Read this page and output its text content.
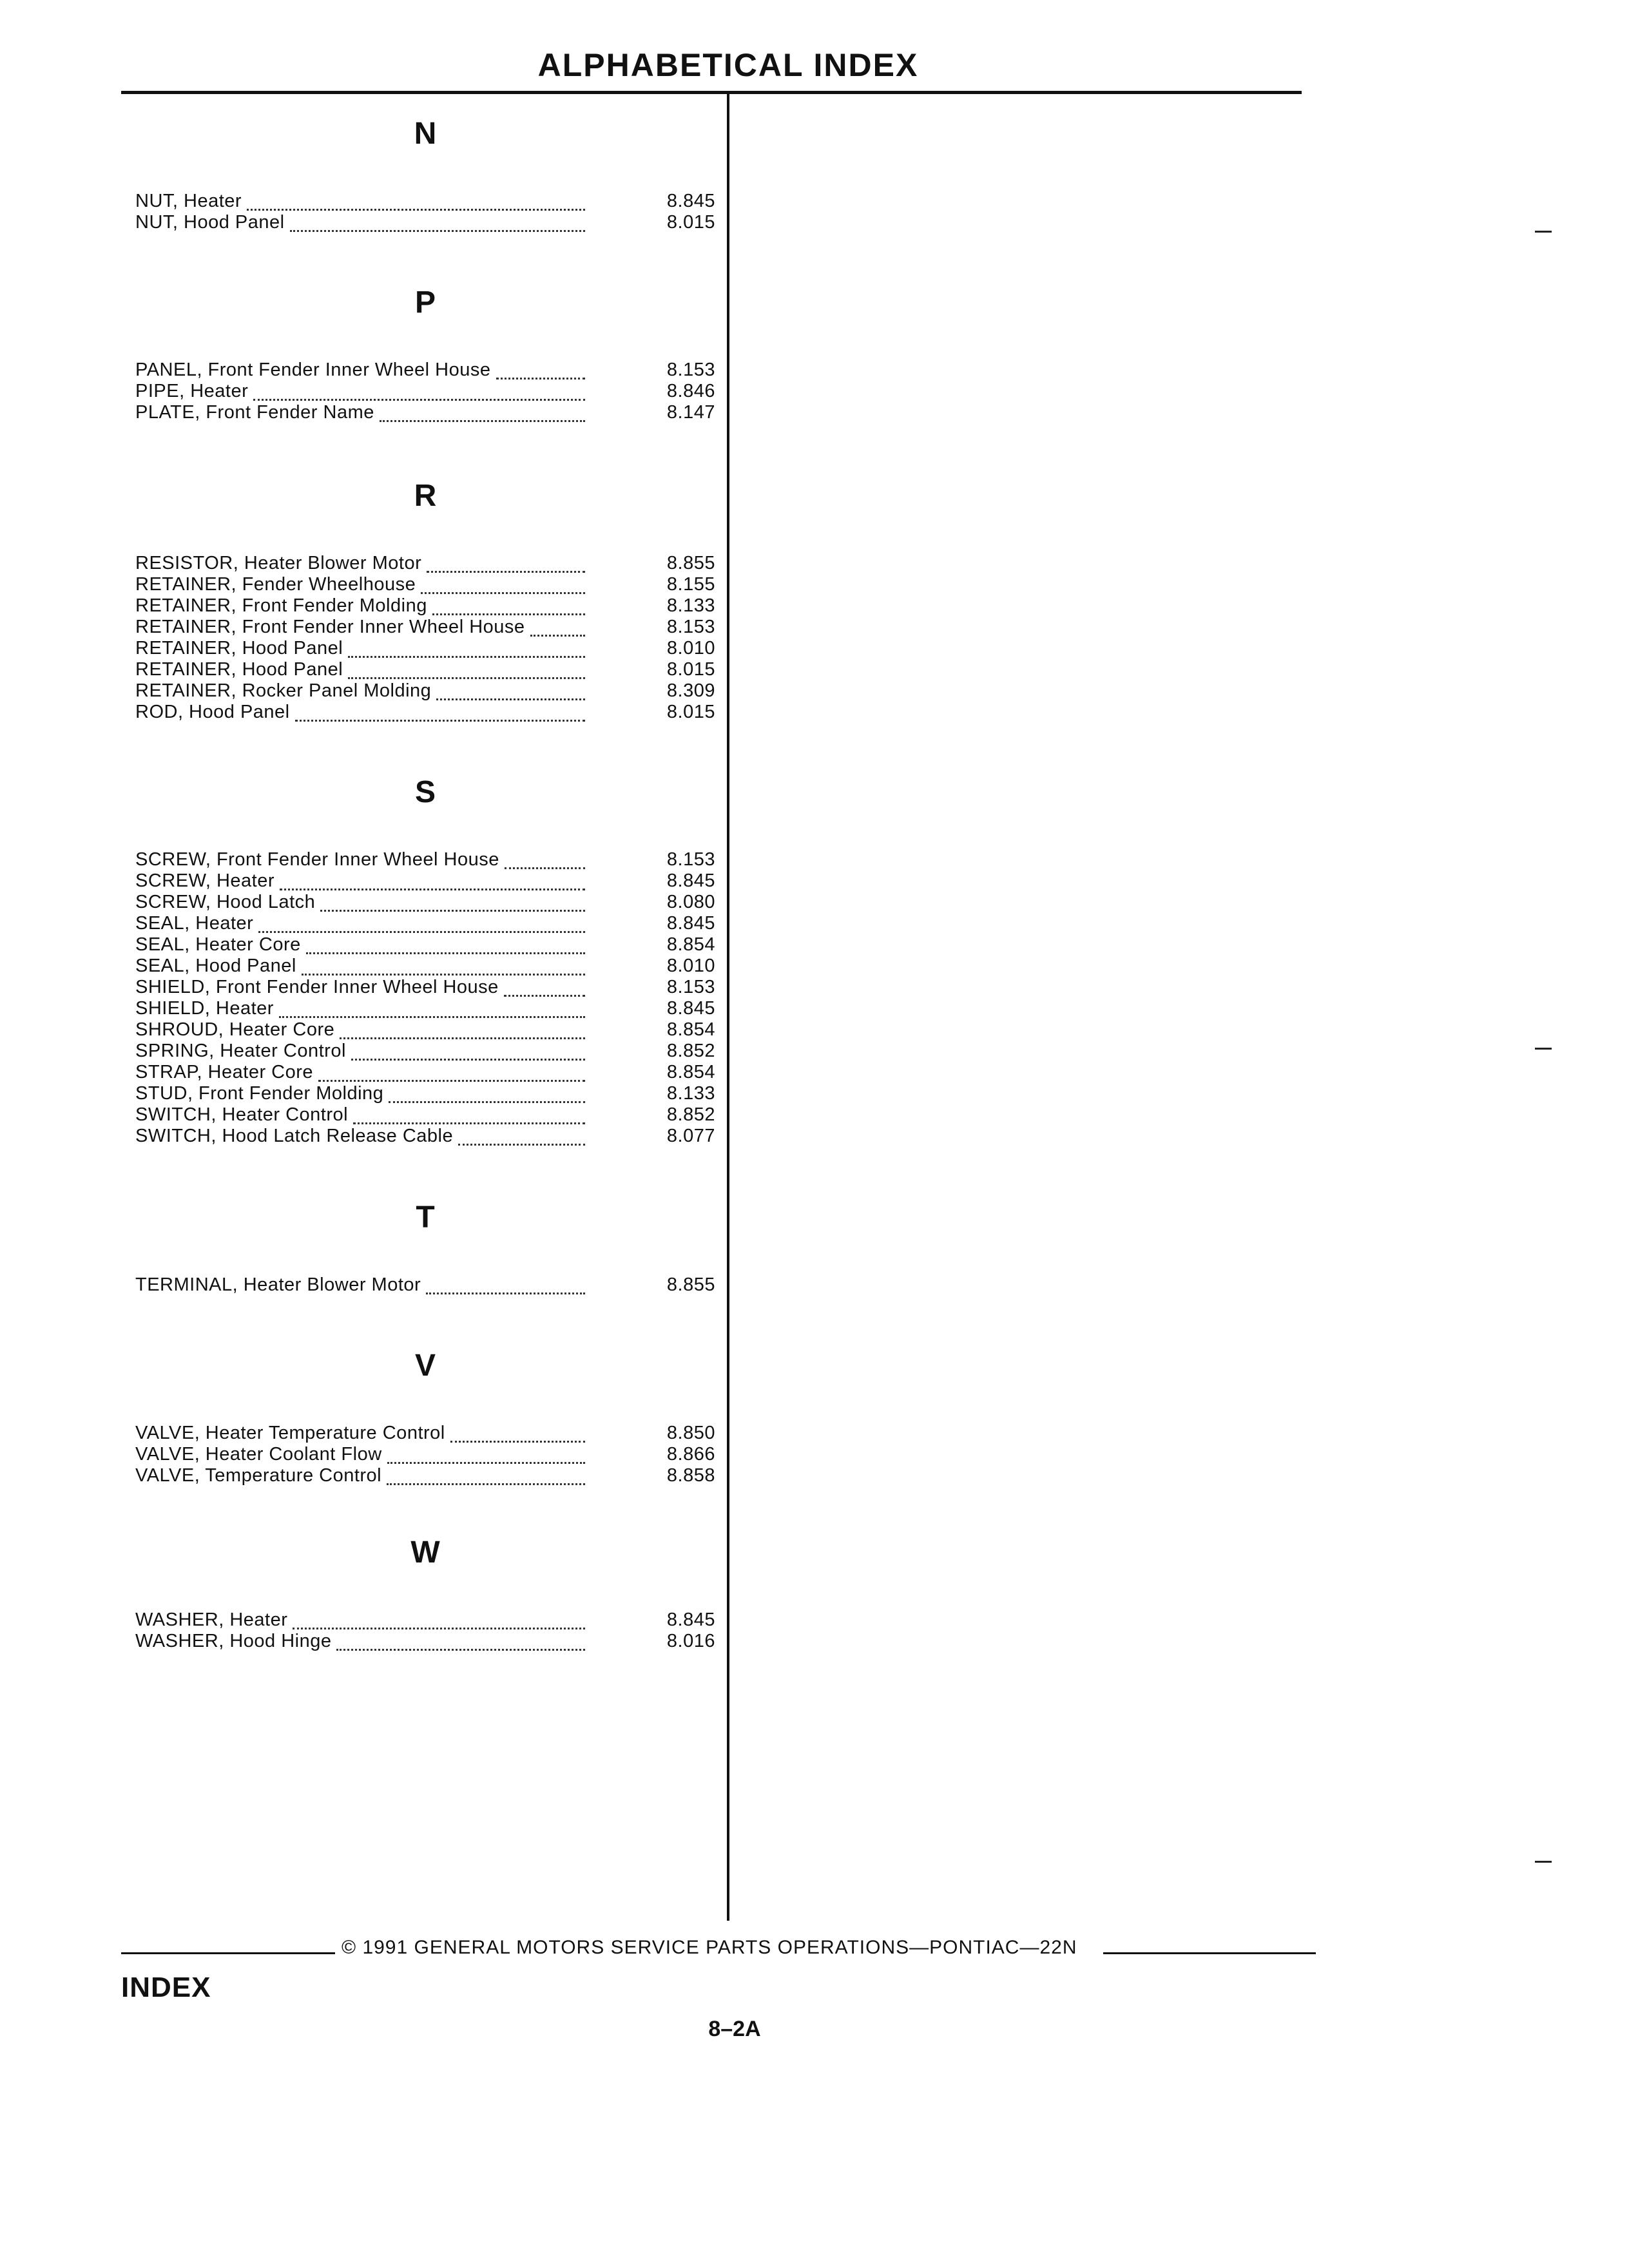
ALPHABETICAL INDEX
N
NUT, Heater	8.845
NUT, Hood Panel	8.015
P
PANEL, Front Fender Inner Wheel House	8.153
PIPE, Heater	8.846
PLATE, Front Fender Name	8.147
R
RESISTOR, Heater Blower Motor	8.855
RETAINER, Fender Wheelhouse	8.155
RETAINER, Front Fender Molding	8.133
RETAINER, Front Fender Inner Wheel House	8.153
RETAINER, Hood Panel	8.010
RETAINER, Hood Panel	8.015
RETAINER, Rocker Panel Molding	8.309
ROD, Hood Panel	8.015
S
SCREW, Front Fender Inner Wheel House	8.153
SCREW, Heater	8.845
SCREW, Hood Latch	8.080
SEAL, Heater	8.845
SEAL, Heater Core	8.854
SEAL, Hood Panel	8.010
SHIELD, Front Fender Inner Wheel House	8.153
SHIELD, Heater	8.845
SHROUD, Heater Core	8.854
SPRING, Heater Control	8.852
STRAP, Heater Core	8.854
STUD, Front Fender Molding	8.133
SWITCH, Heater Control	8.852
SWITCH, Hood Latch Release Cable	8.077
T
TERMINAL, Heater Blower Motor	8.855
V
VALVE, Heater Temperature Control	8.850
VALVE, Heater Coolant Flow	8.866
VALVE, Temperature Control	8.858
W
WASHER, Heater	8.845
WASHER, Hood Hinge	8.016
© 1991 GENERAL MOTORS SERVICE PARTS OPERATIONS—PONTIAC—22N
INDEX
8–2A
